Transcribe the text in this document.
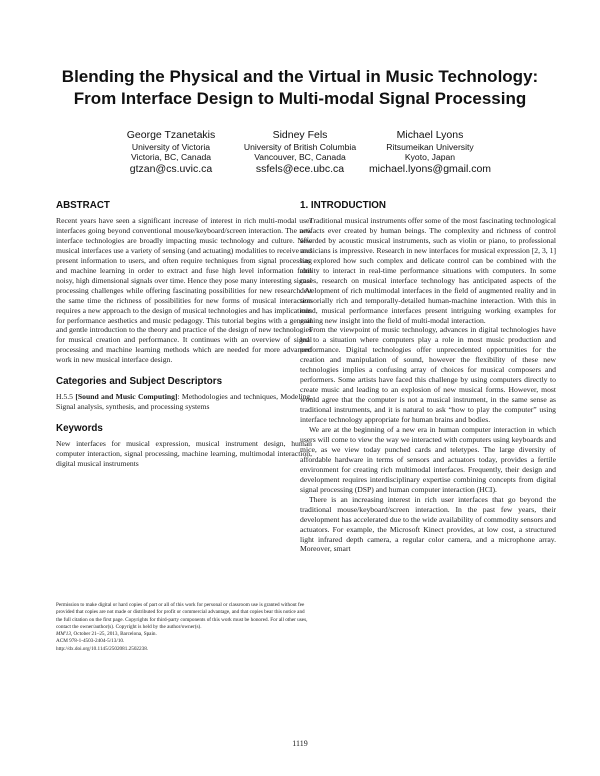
Blending the Physical and the Virtual in Music Technology:
From Interface Design to Multi-modal Signal Processing
George Tzanetakis
University of Victoria
Victoria, BC, Canada
gtzan@cs.uvic.ca
Sidney Fels
University of British Columbia
Vancouver, BC, Canada
ssfels@ece.ubc.ca
Michael Lyons
Ritsumeikan University
Kyoto, Japan
michael.lyons@gmail.com
ABSTRACT

Recent years have seen a significant increase of interest in rich multi-modal user interfaces going beyond conventional mouse/keyboard/screen interaction. The new interface technologies are broadly impacting music technology and culture. New musical interfaces use a variety of sensing (and actuating) modalities to receive and present information to users, and often require techniques from signal processing and machine learning in order to extract and fuse high level information from noisy, high dimensional signals over time. Hence they pose many interesting signal processing challenges while offering fascinating possibilities for new research. At the same time the richness of possibilities for new forms of musical interaction requires a new approach to the design of musical technologies and has implications for performance aesthetics and music pedagogy. This tutorial begins with a general and gentle introduction to the theory and practice of the design of new technologies for musical creation and performance. It continues with an overview of signal processing and machine learning methods which are needed for more advanced work in new musical interface design.

Categories and Subject Descriptors

H.5.5 [Sound and Music Computing]: Methodologies and techniques, Modeling, Signal analysis, synthesis, and processing systems

Keywords

New interfaces for musical expression, musical instrument design, human computer interaction, signal processing, machine learning, multimodal interaction, digital musical instruments

Permission to make digital or hard copies of part or all of this work for personal or classroom use is granted without fee provided that copies are not made or distributed for profit or commercial advantage, and that copies bear this notice and the full citation on the first page. Copyrights for third-party components of this work must be honored. For all other uses, contact the owner/author(s). Copyright is held by the author/owner(s).

MM'13, October 21–25, 2013, Barcelona, Spain.

ACM 978-1-4503-2404-5/13/10.

http://dx.doi.org/10.1145/2502081.2502238.

1. INTRODUCTION

Traditional musical instruments offer some of the most fascinating technological artifacts ever created by human beings. The complexity and richness of control afforded by acoustic musical instruments, such as violin or piano, to professional musicians is impressive. Research in new interfaces for musical expression [2, 3, 1] has explored how such complex and delicate control can be combined with the ability to interact in real-time performance situations with computers. In some cases, research on musical interface technology has anticipated aspects of the development of rich multimodal interfaces in the field of augmented reality and in sensorially rich and temporally-detailed human-machine interaction. With this in mind, musical performance interfaces present intriguing working examples for gaining new insight into the field of multi-modal interaction.

From the viewpoint of music technology, advances in digital technologies have led to a situation where computers play a role in most music production and performance. Digital technologies offer unprecedented opportunities for the creation and manipulation of sound, however the flexibility of these new technologies implies a confusing array of choices for musical composers and performers. Some artists have faced this challenge by using computers directly to create music and leading to an explosion of new musical forms. However, most would agree that the computer is not a musical instrument, in the same sense as traditional instruments, and it is natural to ask “how to play the computer” using interface technology appropriate for human brains and bodies.

We are at the beginning of a new era in human computer interaction in which users will come to view the way we interacted with computers using keyboards and mice, as we view today punched cards and teletypes. The large diversity of affordable hardware in terms of sensors and actuators today, provides a fertile environment for creating rich multimodal interfaces. Frequently, their design and development requires interdisciplinary expertise combining concepts from digital signal processing (DSP) and human computer interaction (HCI).

There is an increasing interest in rich user interfaces that go beyond the traditional mouse/keyboard/screen interaction. In the past few years, their development has accelerated due to the wide availability of commodity sensors and actuators. For example, the Microsoft Kinect provides, at low cost, a structured light infrared depth camera, a regular color camera, and a microphone array. Moreover, smart

1119
